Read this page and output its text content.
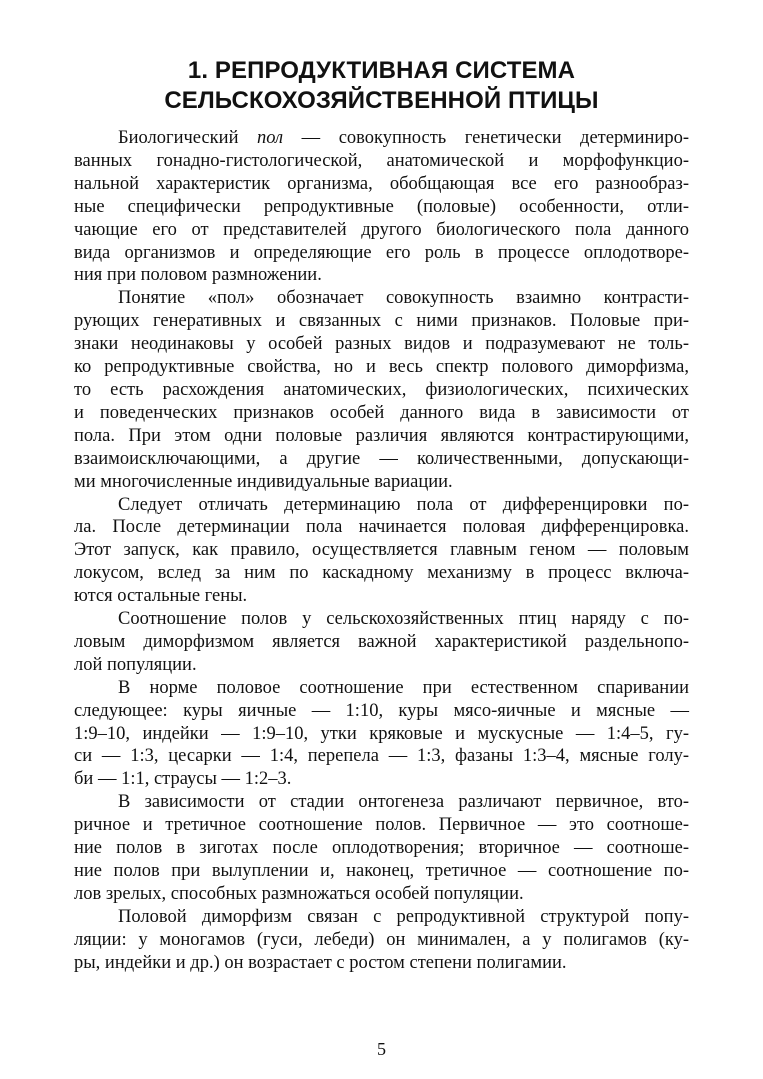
1. РЕПРОДУКТИВНАЯ СИСТЕМА
СЕЛЬСКОХОЗЯЙСТВЕННОЙ ПТИЦЫ
Биологический пол — совокупность генетически детерминиро-
ванных гонадно-гистологической, анатомической и морфофункцио-
нальной характеристик организма, обобщающая все его разнообраз-
ные специфически репродуктивные (половые) особенности, отли-
чающие его от представителей другого биологического пола данного
вида организмов и определяющие его роль в процессе оплодотворе-
ния при половом размножении.
Понятие «пол» обозначает совокупность взаимно контрасти-
рующих генеративных и связанных с ними признаков. Половые при-
знаки неодинаковы у особей разных видов и подразумевают не толь-
ко репродуктивные свойства, но и весь спектр полового диморфизма,
то есть расхождения анатомических, физиологических, психических
и поведенческих признаков особей данного вида в зависимости от
пола. При этом одни половые различия являются контрастирующими,
взаимоисключающими, а другие — количественными, допускающи-
ми многочисленные индивидуальные вариации.
Следует отличать детерминацию пола от дифференцировки по-
ла. После детерминации пола начинается половая дифференцировка.
Этот запуск, как правило, осуществляется главным геном — половым
локусом, вслед за ним по каскадному механизму в процесс включа-
ются остальные гены.
Соотношение полов у сельскохозяйственных птиц наряду с по-
ловым диморфизмом является важной характеристикой раздельнопо-
лой популяции.
В норме половое соотношение при естественном спаривании
следующее: куры яичные — 1:10, куры мясо-яичные и мясные —
1:9–10, индейки — 1:9–10, утки кряковые и мускусные — 1:4–5, гу-
си — 1:3, цесарки — 1:4, перепела — 1:3, фазаны 1:3–4, мясные голу-
би — 1:1, страусы — 1:2–3.
В зависимости от стадии онтогенеза различают первичное, вто-
ричное и третичное соотношение полов. Первичное — это соотноше-
ние полов в зиготах после оплодотворения; вторичное — соотноше-
ние полов при вылуплении и, наконец, третичное — соотношение по-
лов зрелых, способных размножаться особей популяции.
Половой диморфизм связан с репродуктивной структурой попу-
ляции: у моногамов (гуси, лебеди) он минимален, а у полигамов (ку-
ры, индейки и др.) он возрастает с ростом степени полигамии.
5
